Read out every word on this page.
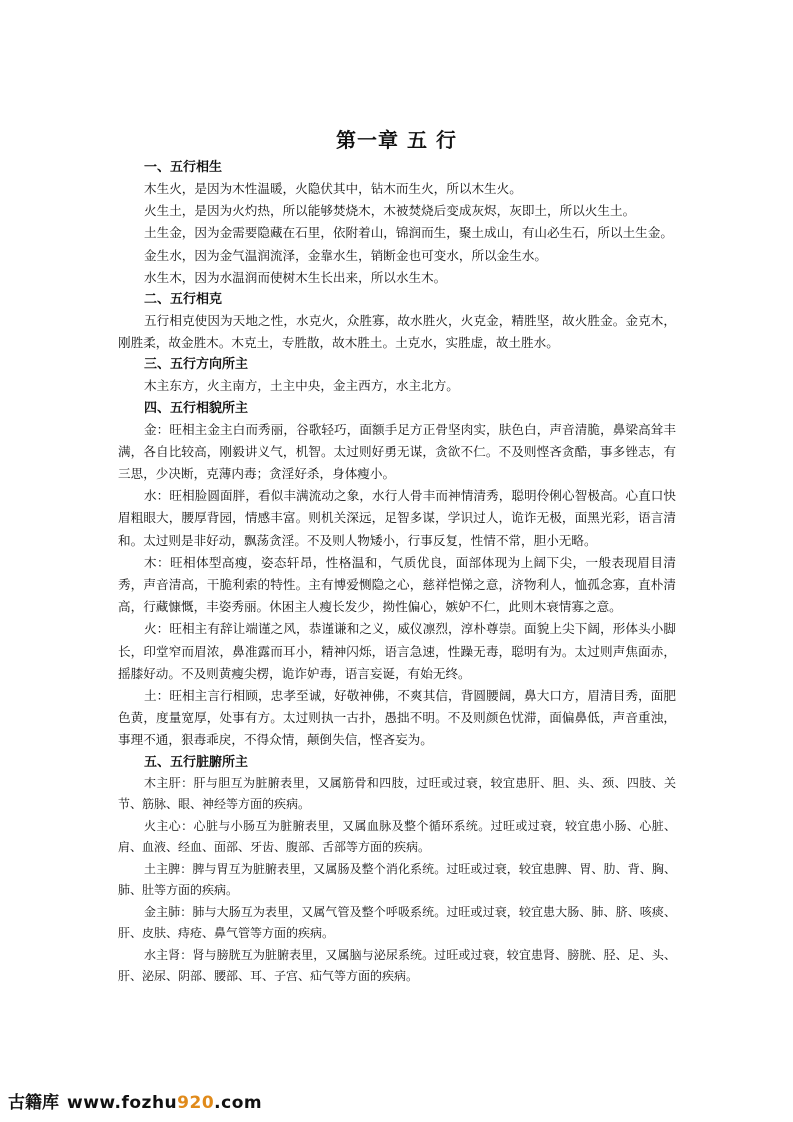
第一章 五 行
一、五行相生

木生火，是因为木性温暖，火隐伏其中，钻木而生火，所以木生火。

火生土，是因为火灼热，所以能够焚烧木，木被焚烧后变成灰烬，灰即土，所以火生土。

土生金，因为金需要隐藏在石里，依附着山，锦润而生，聚土成山，有山必生石，所以土生金。

金生水，因为金气温润流泽，金靠水生，销断金也可变水，所以金生水。

水生木，因为水温润而使树木生长出来，所以水生木。

二、五行相克

五行相克使因为天地之性，水克火，众胜寡，故水胜火，火克金，精胜坚，故火胜金。金克木，刚胜柔，故金胜木。木克土，专胜散，故木胜土。土克水，实胜虚，故土胜水。

三、五行方向所主

木主东方，火主南方，土主中央，金主西方，水主北方。

四、五行相貌所主

金：旺相主金主白而秀丽，谷歌轻巧，面额手足方正骨坚肉实，肤色白，声音清脆，鼻梁高耸丰满，各自比较高，刚毅讲义气，机智。太过则好勇无谋，贪欲不仁。不及则悭吝贪酷，事多锉志，有三思，少决断，克薄内毒；贪淫好杀，身体瘦小。

水：旺相脸圆面胖，看似丰满流动之象，水行人骨丰而神情清秀，聪明伶俐心智极高。心直口快眉粗眼大，腰厚背园，情感丰富。则机关深远，足智多谋，学识过人，诡诈无极，面黑光彩，语言清和。太过则是非好动，飘荡贪淫。不及则人物矮小，行事反复，性情不常，胆小无略。

木：旺相体型高瘦，姿态轩昂，性格温和，气质优良，面部体现为上阔下尖，一般表现眉目清秀，声音清高，干脆利索的特性。主有博爱恻隐之心，慈祥恺悌之意，济物利人，恤孤念寡，直朴清高，行藏慷慨，丰姿秀丽。休困主人瘦长发少，拗性偏心，嫉妒不仁，此则木衰情寡之意。

火：旺相主有辞让端谨之风，恭谨谦和之义，威仪凛烈，淳朴尊崇。面貌上尖下阔，形体头小脚长，印堂窄而眉浓，鼻准露而耳小，精神闪烁，语言急速，性躁无毒，聪明有为。太过则声焦面赤，摇膝好动。不及则黄瘦尖楞，诡诈妒毒，语言妄诞，有始无终。

土：旺相主言行相顾，忠孝至诚，好敬神佛，不爽其信，背圆腰阔，鼻大口方，眉清目秀，面肥色黄，度量宽厚，处事有方。太过则执一古扑，愚拙不明。不及则颜色忧滞，面偏鼻低，声音重浊，事理不通，狠毒乖戾，不得众情，颠倒失信，悭吝妄为。

五、五行脏腑所主

木主肝：肝与胆互为脏腑表里，又属筋骨和四肢，过旺或过衰，较宜患肝、胆、头、颈、四肢、关节、筋脉、眼、神经等方面的疾病。

火主心：心脏与小肠互为脏腑表里，又属血脉及整个循环系统。过旺或过衰，较宜患小肠、心脏、肩、血液、经血、面部、牙齿、腹部、舌部等方面的疾病。

土主脾：脾与胃互为脏腑表里，又属肠及整个消化系统。过旺或过衰，较宜患脾、胃、肋、背、胸、肺、肚等方面的疾病。

金主肺：肺与大肠互为表里，又属气管及整个呼吸系统。过旺或过衰，较宜患大肠、肺、脐、咳痰、肝、皮肤、痔疮、鼻气管等方面的疾病。

水主肾：肾与膀胱互为脏腑表里，又属脑与泌尿系统。过旺或过衰，较宜患肾、膀胱、胫、足、头、肝、泌尿、阴部、腰部、耳、子宫、疝气等方面的疾病。

古籍库 www.fozhu920.com
